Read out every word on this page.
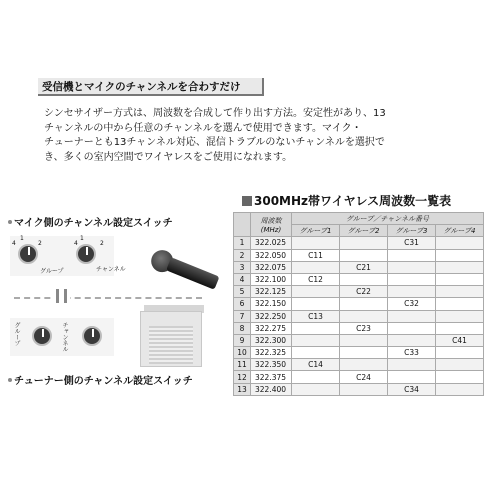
受信機とマイクのチャンネルを合わすだけ
シンセサイザー方式は、周波数を合成して作り出す方法。安定性があり、13
チャンネルの中から任意のチャンネルを選んで使用できます。マイク・
チューナーとも13チャンネル対応、混信トラブルのないチャンネルを選択で
き、多くの室内空間でワイヤレスをご使用になれます。
マイク側のチャンネル設定スイッチ
4
1
2	4
1
2
グループ	チャンネル
グループ	チャンネル
チューナー側のチャンネル設定スイッチ
300MHz帯ワイヤレス周波数一覧表
	周波数 (MHz)	グループ／チャンネル番号			
		グループ1	グループ2	グループ3	グループ4
1	322.025			C31	
2	322.050	C11			
3	322.075		C21		
4	322.100	C12			
5	322.125		C22		
6	322.150			C32	
7	322.250	C13			
8	322.275		C23		
9	322.300				C41
10	322.325			C33	
11	322.350	C14			
12	322.375		C24		
13	322.400			C34	
